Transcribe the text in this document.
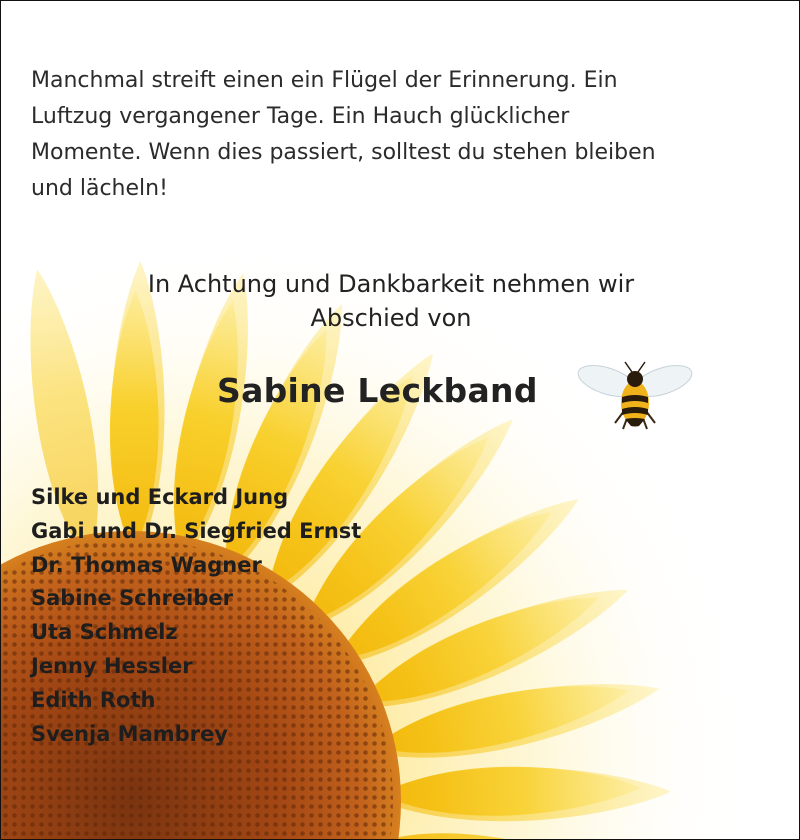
Manchmal streift einen ein Flügel der Erinnerung. Ein
Luftzug vergangener Tage. Ein Hauch glücklicher
Momente. Wenn dies passiert, solltest du stehen bleiben
und lächeln!
In Achtung und Dankbarkeit nehmen wir
Abschied von
Sabine Leckband
Silke und Eckard Jung
Gabi und Dr. Siegfried Ernst
Dr. Thomas Wagner
Sabine Schreiber
Uta Schmelz
Jenny Hessler
Edith Roth
Svenja Mambrey
